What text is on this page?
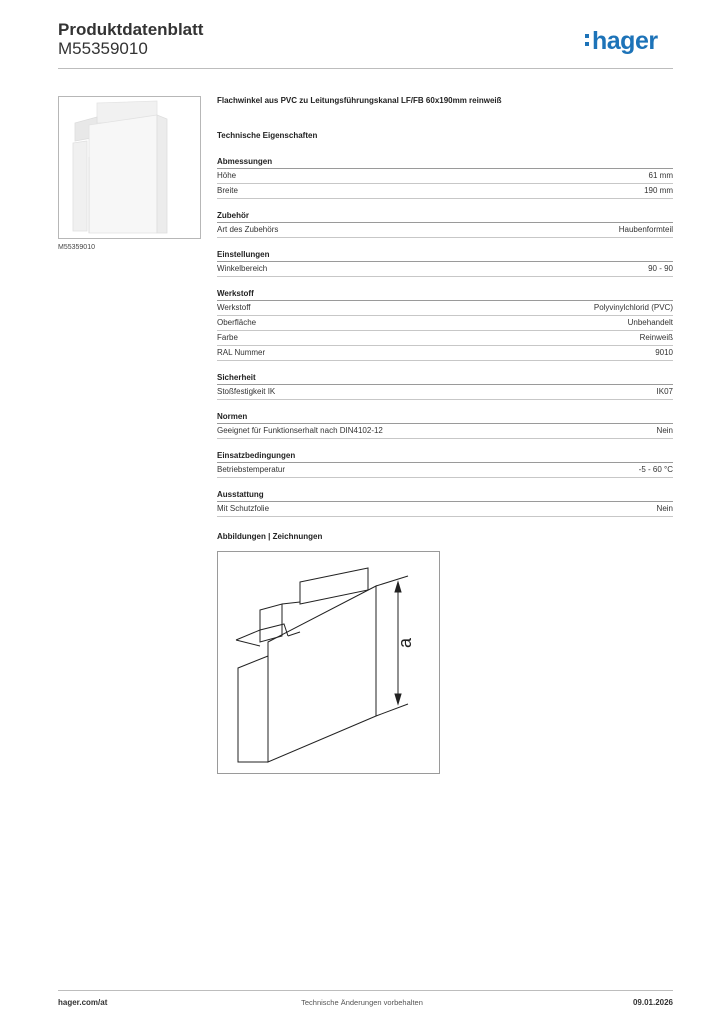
Produktdatenblatt
M55359010	hager
M55359010
Flachwinkel aus PVC zu Leitungsführungskanal LF/FB 60x190mm reinweiß
Technische Eigenschaften
Abmessungen
Höhe	61 mm
Breite	190 mm
Zubehör
Art des Zubehörs	Haubenformteil
Einstellungen
Winkelbereich	90 - 90
Werkstoff
Werkstoff	Polyvinylchlorid (PVC)
Oberfläche	Unbehandelt
Farbe	Reinweiß
RAL Nummer	9010
Sicherheit
Stoßfestigkeit IK	IK07
Normen
Geeignet für Funktionserhalt nach DIN4102-12	Nein
Einsatzbedingungen
Betriebstemperatur	-5 - 60 °C
Ausstattung
Mit Schutzfolie	Nein
Abbildungen | Zeichnungen
a
hager.com/at	Technische Änderungen vorbehalten	09.01.2026
